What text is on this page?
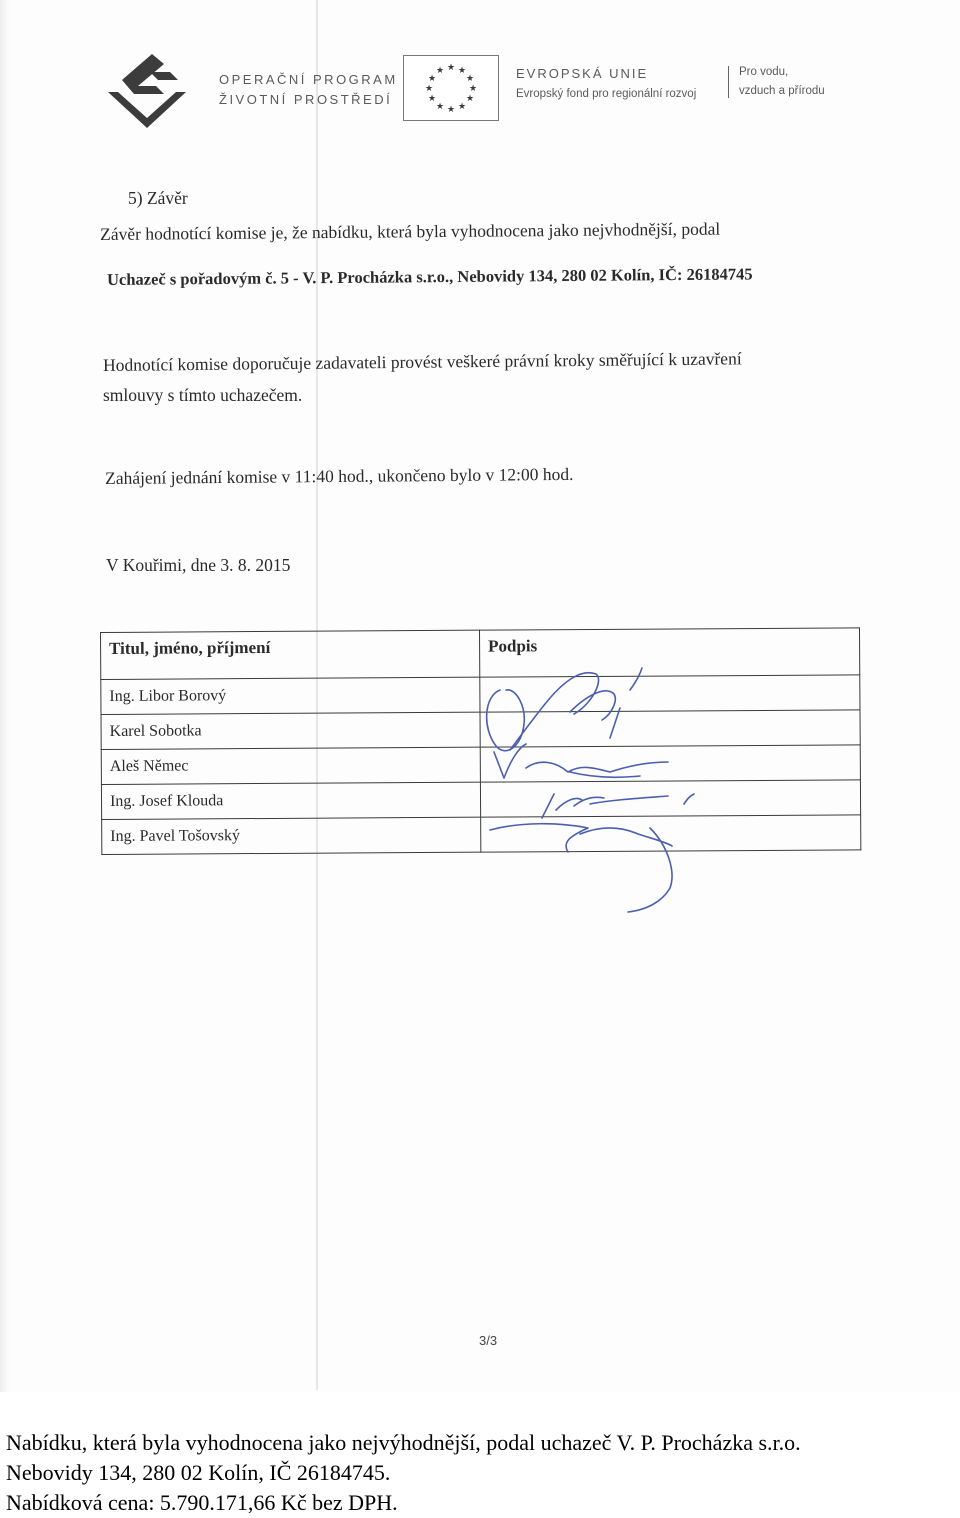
OPERAČNÍ PROGRAM
ŽIVOTNÍ PROSTŘEDÍ
★ ★
★
★
★
★
★
★
★
★
★
★	EVROPSKÁ UNIE
Evropský fond pro regionální rozvoj
Pro vodu,
vzduch a přírodu
5) Závěr
Závěr hodnotící komise je, že nabídku, která byla vyhodnocena jako nejvhodnější, podal
Uchazeč s pořadovým č. 5 - V. P. Procházka s.r.o., Nebovidy 134, 280 02 Kolín, IČ: 26184745
Hodnotící komise doporučuje zadavateli provést veškeré právní kroky směřující k uzavření
smlouvy s tímto uchazečem.
Zahájení jednání komise v 11:40 hod., ukončeno bylo v 12:00 hod.
V Kouřimi, dne 3. 8. 2015
Titul, jméno, příjmení	Podpis
Ing. Libor Borový	
Karel Sobotka	
Aleš Němec	
Ing. Josef Klouda	
Ing. Pavel Tošovský	
3/3
Nabídku, která byla vyhodnocena jako nejvýhodnější, podal uchazeč V. P. Procházka s.r.o.
Nebovidy 134, 280 02 Kolín, IČ 26184745.
Nabídková cena: 5.790.171,66 Kč bez DPH.
